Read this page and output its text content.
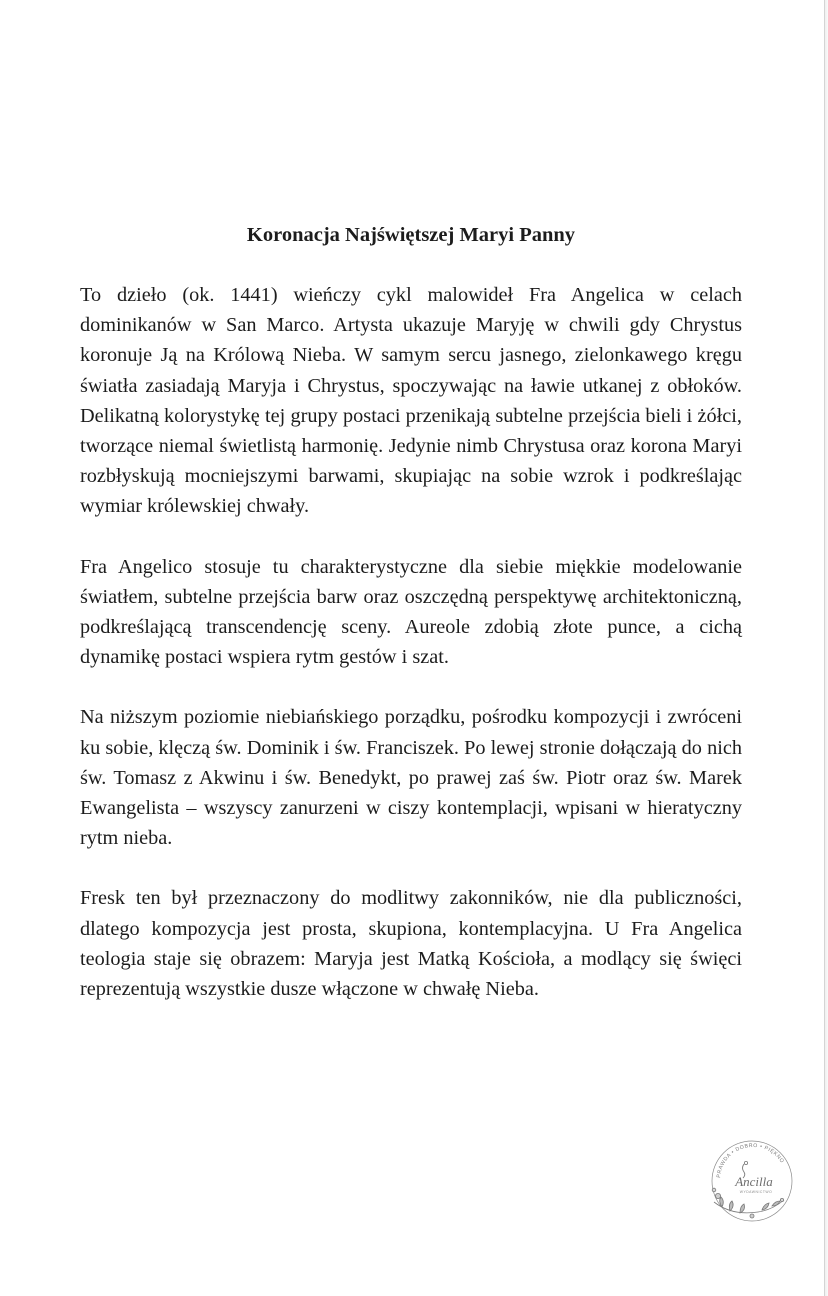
Koronacja Najświętszej Maryi Panny

To dzieło (ok. 1441) wieńczy cykl malowideł Fra Angelica w celach dominikanów w San Marco. Artysta ukazuje Maryję w chwili gdy Chrystus koronuje Ją na Królową Nieba. W samym sercu jasnego, zielonkawego kręgu światła zasiadają Maryja i Chrystus, spoczywając na ławie utkanej z obłoków. Delikatną kolorystykę tej grupy postaci przenikają subtelne przejścia bieli i żółci, tworzące niemal świetlistą harmonię. Jedynie nimb Chrystusa oraz korona Maryi rozbłyskują mocniejszymi barwami, skupiając na sobie wzrok i podkreślając wymiar królewskiej chwały.

Fra Angelico stosuje tu charakterystyczne dla siebie miękkie modelowanie światłem, subtelne przejścia barw oraz oszczędną perspektywę architektoniczną, podkreślającą transcendencję sceny. Aureole zdobią złote punce, a cichą dynamikę postaci wspiera rytm gestów i szat.

Na niższym poziomie niebiańskiego porządku, pośrodku kompozycji i zwróceni ku sobie, klęczą św. Dominik i św. Franciszek. Po lewej stronie dołączają do nich św. Tomasz z Akwinu i św. Benedykt, po prawej zaś św. Piotr oraz św. Marek Ewangelista – wszyscy zanurzeni w ciszy kontemplacji, wpisani w hieratyczny rytm nieba.

Fresk ten był przeznaczony do modlitwy zakonników, nie dla publiczności, dlatego kompozycja jest prosta, skupiona, kontemplacyjna. U Fra Angelica teologia staje się obrazem: Maryja jest Matką Kościoła, a modlący się święci reprezentują wszystkie dusze włączone w chwałę Nieba.

PRAWDA • DOBRO • PIĘKNO
Ancilla
WYDAWNICTWO
